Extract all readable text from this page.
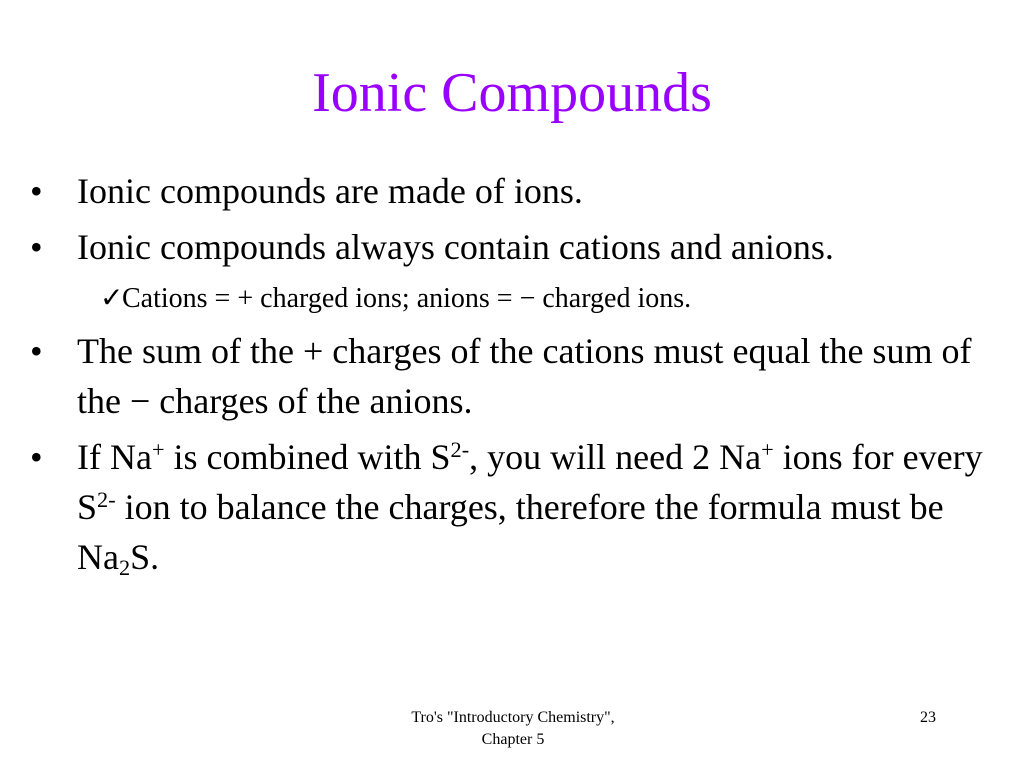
Ionic Compounds
• Ionic compounds are made of ions.
• Ionic compounds always contain cations and anions.
✓
Cations = + charged ions; anions = − charged ions.
• The sum of the + charges of the cations must equal the sum of the − charges of the anions.
• If Na+ is combined with $S^{2-}$, you will need 2 Na+ ions for every $S^{2-}$ ion to balance the charges, therefore the formula must be $Na_2S$.
Tro's "Introductory Chemistry",
Chapter 5
23
